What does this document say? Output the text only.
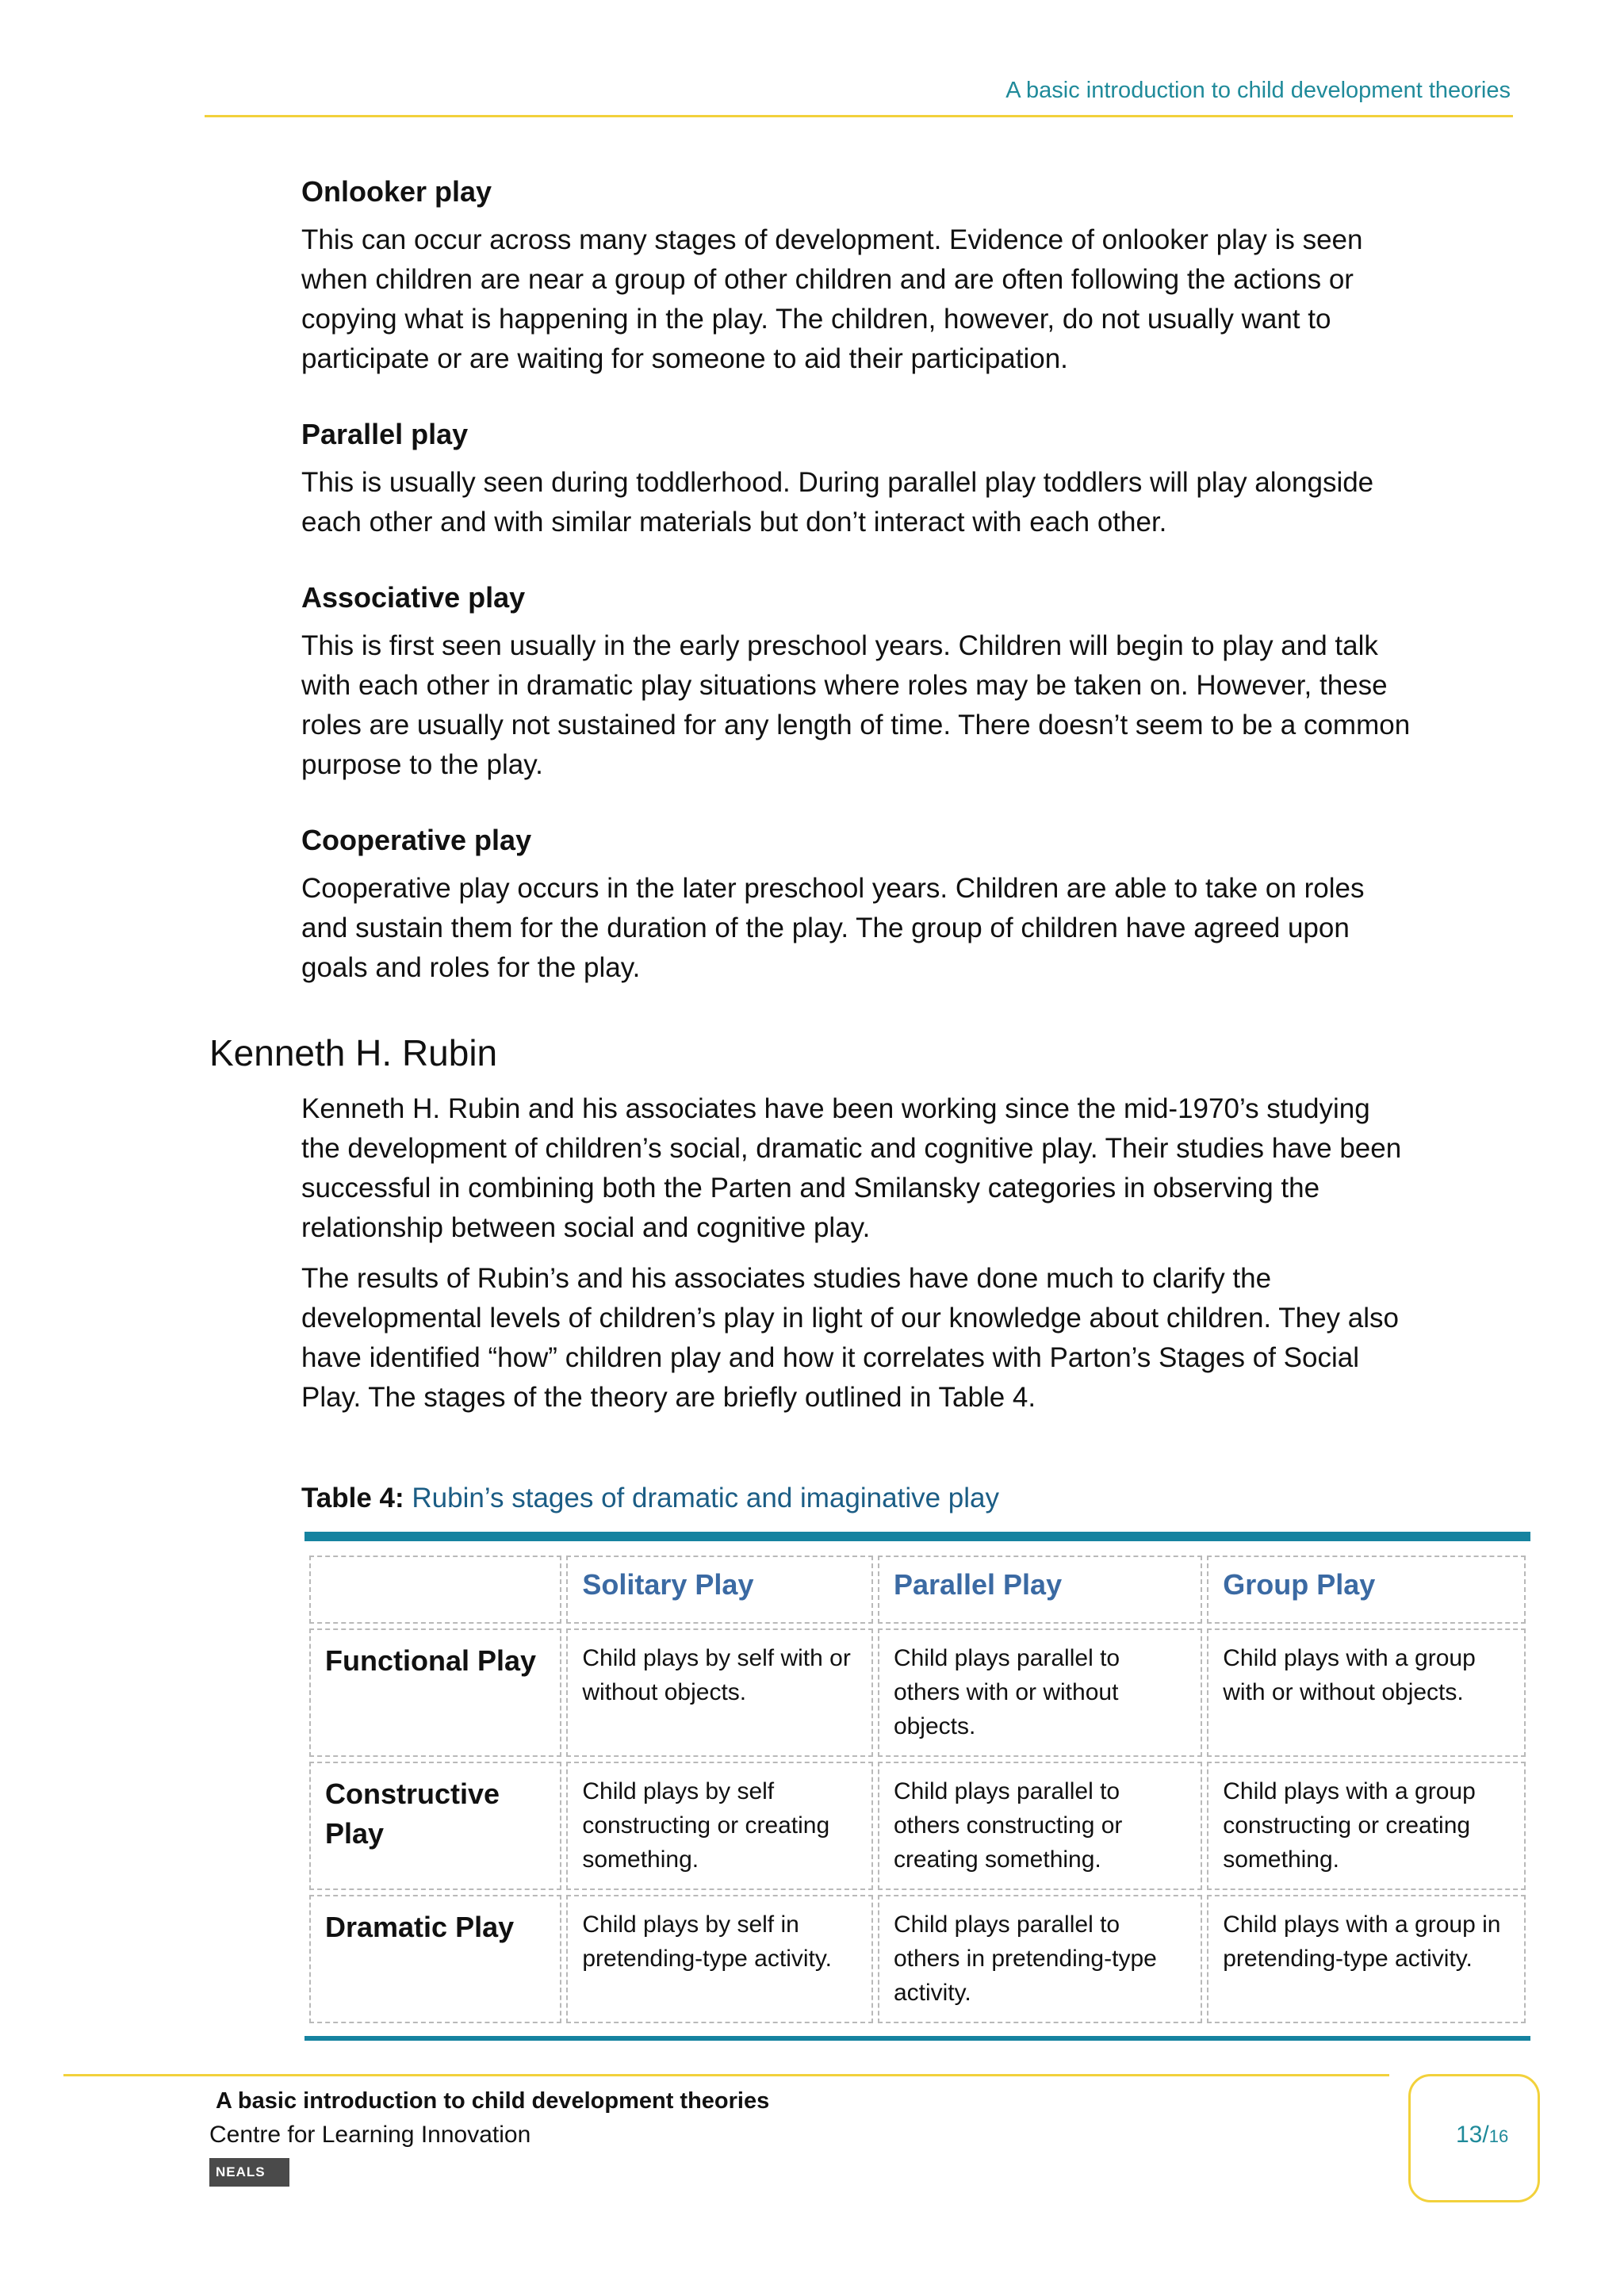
A basic introduction to child development theories
Onlooker play

This can occur across many stages of development. Evidence of onlooker play is seen when children are near a group of other children and are often following the actions or copying what is happening in the play. The children, however, do not usually want to participate or are waiting for someone to aid their participation.

Parallel play

This is usually seen during toddlerhood. During parallel play toddlers will play alongside each other and with similar materials but don’t interact with each other.

Associative play

This is first seen usually in the early preschool years. Children will begin to play and talk with each other in dramatic play situations where roles may be taken on. However, these roles are usually not sustained for any length of time. There doesn’t seem to be a common purpose to the play.

Cooperative play

Cooperative play occurs in the later preschool years. Children are able to take on roles and sustain them for the duration of the play. The group of children have agreed upon goals and roles for the play.

Kenneth H. Rubin

Kenneth H. Rubin and his associates have been working since the mid-1970’s studying the development of children’s social, dramatic and cognitive play. Their studies have been successful in combining both the Parten and Smilansky categories in observing the relationship between social and cognitive play.

The results of Rubin’s and his associates studies have done much to clarify the developmental levels of children’s play in light of our knowledge about children. They also have identified “how” children play and how it correlates with Parton’s Stages of Social Play. The stages of the theory are briefly outlined in Table 4.

Table 4: Rubin’s stages of dramatic and imaginative play
	Solitary Play	Parallel Play	Group Play
Functional Play	Child plays by self with or without objects.	Child plays parallel to others with or without objects.	Child plays with a group with or without objects.
Constructive Play	Child plays by self constructing or creating something.	Child plays parallel to others constructing or creating something.	Child plays with a group constructing or creating something.
Dramatic Play	Child plays by self in pretending-type activity.	Child plays parallel to others in pretending-type activity.	Child plays with a group in pretending-type activity.
13/16
A basic introduction to child development theories
Centre for Learning Innovation
NEALS
